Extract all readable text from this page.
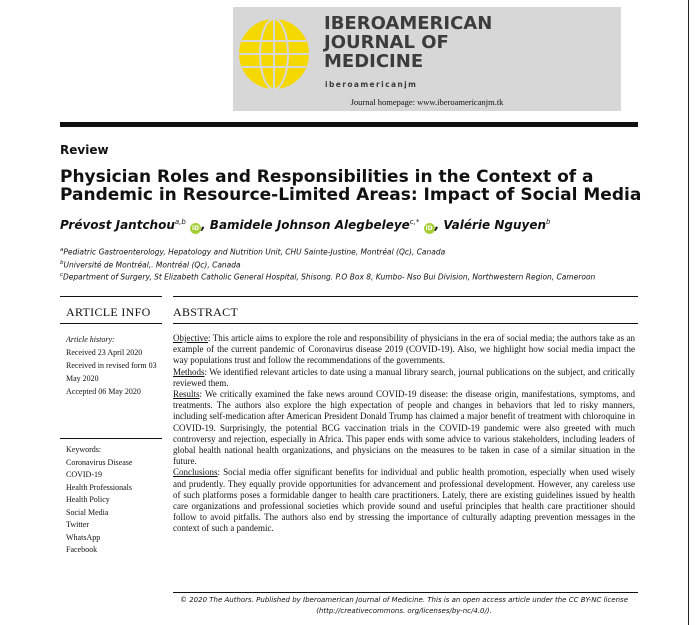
IBEROAMERICAN
JOURNAL OF
MEDICINE
iberoamericanjm
Journal homepage: www.iberoamericanjm.tk
Review
Physician Roles and Responsibilities in the Context of a Pandemic in Resource-Limited Areas: Impact of Social Media
Prévost Jantchou$^{a,b}$ iD , Bamidele Johnson Alegbeleye$^{c,*}$ iD , Valérie Nguyen$^b$
$^a$Pediatric Gastroenterology, Hepatology and Nutrition Unit, CHU Sainte-Justine, Montréal (Qc), Canada
$^b$Université de Montréal,. Montréal (Qc), Canada
$^c$Department of Surgery, St Elizabeth Catholic General Hospital, Shisong. P.O Box 8, Kumbo- Nso Bui Division, Northwestern Region, Cameroon
ARTICLE INFO ABSTRACT
Article history:
Received 23 April 2020
Received in revised form 03 May 2020
Accepted 06 May 2020
Keywords:
Coronavirus Disease COVID-19
Health Professionals
Health Policy
Social Media
Twitter
WhatsApp
Facebook

Objective: This article aims to explore the role and responsibility of physicians in the era of social media; the authors take as an example of the current pandemic of Coronavirus disease 2019 (COVID-19). Also, we highlight how social media impact the way populations trust and follow the recommendations of the governments.

Methods: We identified relevant articles to date using a manual library search, journal publications on the subject, and critically reviewed them.

Results: We critically examined the fake news around COVID-19 disease: the disease origin, manifestations, symptoms, and treatments. The authors also explore the high expectation of people and changes in behaviors that led to risky manners, including self-medication after American President Donald Trump has claimed a major benefit of treatment with chloroquine in COVID-19. Surprisingly, the potential BCG vaccination trials in the COVID-19 pandemic were also greeted with much controversy and rejection, especially in Africa. This paper ends with some advice to various stakeholders, including leaders of global health national health organizations, and physicians on the measures to be taken in case of a similar situation in the future.

Conclusions: Social media offer significant benefits for individual and public health promotion, especially when used wisely and prudently. They equally provide opportunities for advancement and professional development. However, any careless use of such platforms poses a formidable danger to health care practitioners. Lately, there are existing guidelines issued by health care organizations and professional societies which provide sound and useful principles that health care practitioner should follow to avoid pitfalls. The authors also end by stressing the importance of culturally adapting prevention messages in the context of such a pandemic.

© 2020 The Authors. Published by Iberoamerican Journal of Medicine. This is an open access article under the CC BY-NC license (http://creativecommons. org/licenses/by-nc/4.0/).
